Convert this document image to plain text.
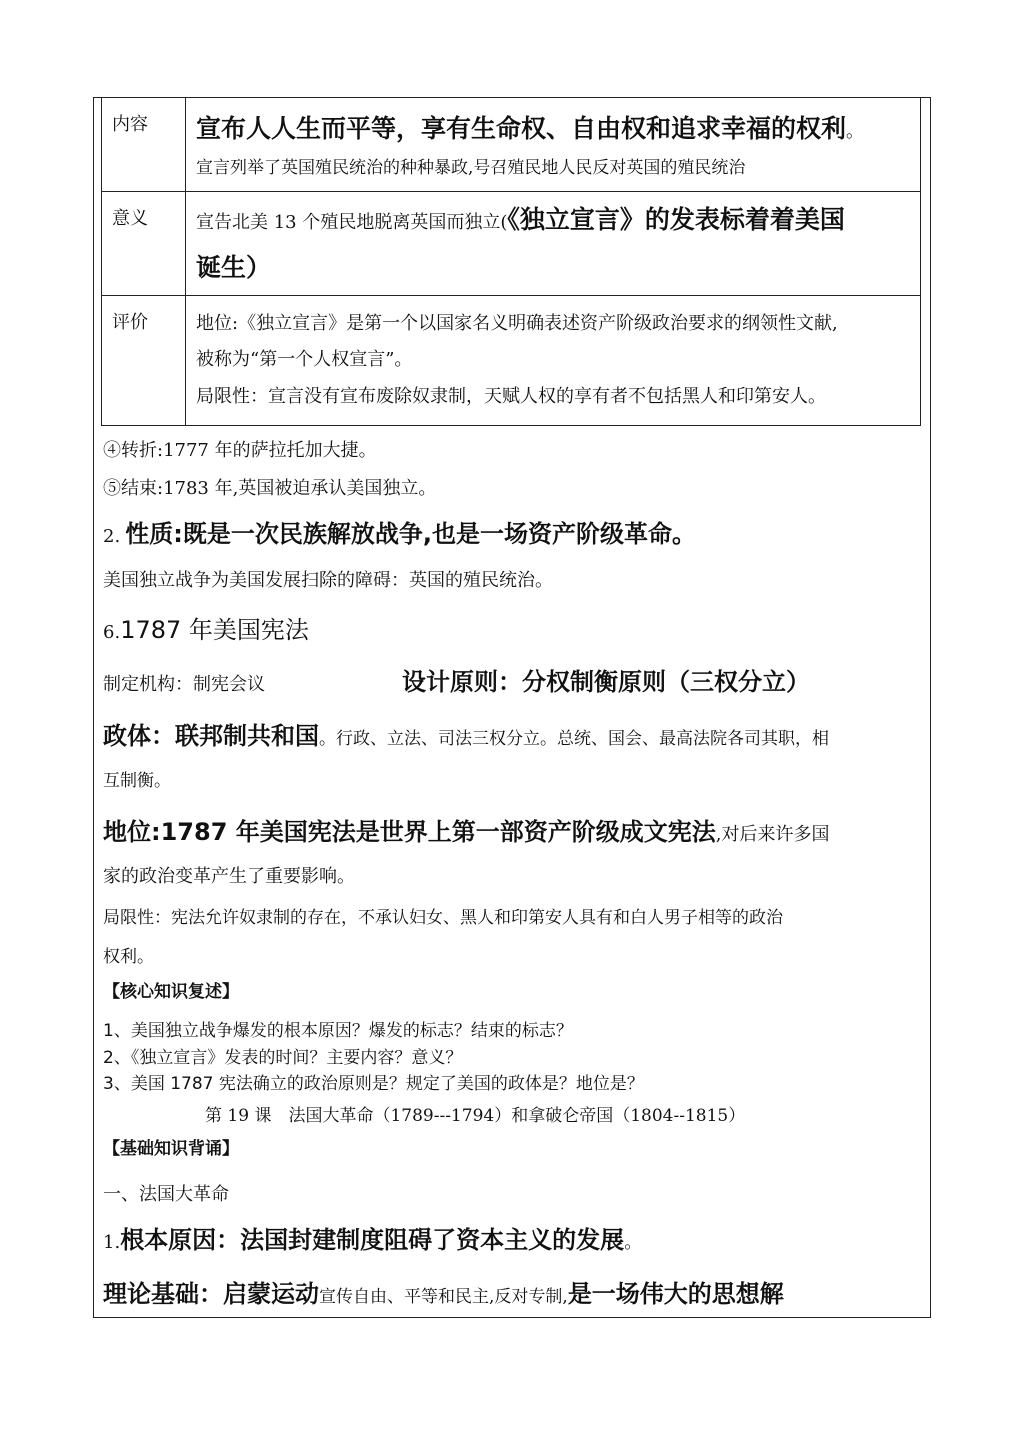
内容	宣布人人生而平等，享有生命权、自由权和追求幸福的权利。
宣言列举了英国殖民统治的种种暴政,号召殖民地人民反对英国的殖民统治

意义	宣告北美 13 个殖民地脱离英国而独立(《独立宣言》的发表标着着美国
诞生）

评价	地位:《独立宣言》是第一个以国家名义明确表述资产阶级政治要求的纲领性文献,
被称为“第一个人权宣言”。
局限性：宣言没有宣布废除奴隶制，天赋人权的享有者不包括黑人和印第安人。
④转折:1777 年的萨拉托加大捷。
⑤结束:1783 年,英国被迫承认美国独立。
2. 性质:既是一次民族解放战争,也是一场资产阶级革命。
美国独立战争为美国发展扫除的障碍：英国的殖民统治。
6.1787 年美国宪法
制定机构：制宪会议	设计原则：分权制衡原则（三权分立）
政体：联邦制共和国。行政、立法、司法三权分立。总统、国会、最高法院各司其职，相
互制衡。
地位:1787 年美国宪法是世界上第一部资产阶级成文宪法,对后来许多国
家的政治变革产生了重要影响。
局限性：宪法允许奴隶制的存在，不承认妇女、黑人和印第安人具有和白人男子相等的政治
权利。
【核心知识复述】
1、美国独立战争爆发的根本原因？爆发的标志？结束的标志？
2、《独立宣言》发表的时间？主要内容？意义？
3、美国 1787 宪法确立的政治原则是？规定了美国的政体是？地位是？
第 19 课　法国大革命（1789---1794）和拿破仑帝国（1804--1815）
【基础知识背诵】
一、法国大革命
1.根本原因：法国封建制度阻碍了资本主义的发展。
理论基础：启蒙运动宣传自由、平等和民主,反对专制,是一场伟大的思想解
